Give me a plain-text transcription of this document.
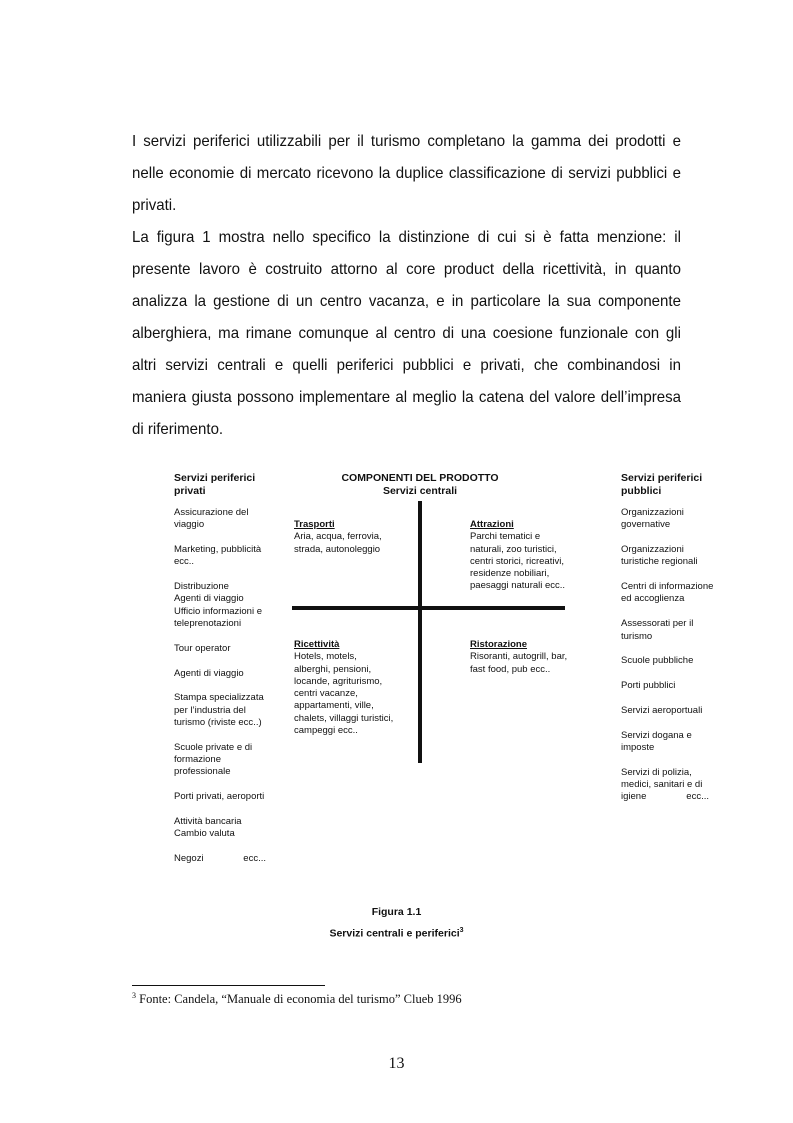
I servizi periferici utilizzabili per il turismo completano la gamma dei prodotti e nelle economie di mercato ricevono la duplice classificazione di servizi pubblici e privati.
La figura 1 mostra nello specifico la distinzione di cui si è fatta menzione: il presente lavoro è costruito attorno al core product della ricettività, in quanto analizza la gestione di un centro vacanza, e in particolare la sua componente alberghiera, ma rimane comunque al centro di una coesione funzionale con gli altri servizi centrali e quelli periferici pubblici e privati, che combinandosi in maniera giusta possono implementare al meglio la catena del valore dell’impresa di riferimento.
Servizi periferici
privati
Assicurazione del
viaggio
Marketing, pubblicità
ecc..
Distribuzione
Agenti di viaggio
Ufficio informazioni e
teleprenotazioni
Tour operator
Agenti di viaggio
Stampa specializzata
per l’industria del
turismo (riviste ecc..)
Scuole private e di
formazione
professionale
Porti privati, aeroporti
Attività bancaria
Cambio valuta
Negozi	ecc...
COMPONENTI DEL PRODOTTO
Servizi centrali
Trasporti
Aria, acqua, ferrovia,
strada, autonoleggio
Attrazioni
Parchi tematici e
naturali, zoo turistici,
centri storici, ricreativi,
residenze nobiliari,
paesaggi naturali ecc..
Ricettività
Hotels, motels,
alberghi, pensioni,
locande, agriturismo,
centri vacanze,
appartamenti, ville,
chalets, villaggi turistici,
campeggi ecc..
Ristorazione
Risoranti, autogrill, bar,
fast food, pub ecc..
Servizi periferici
pubblici
Organizzazioni
governative
Organizzazioni
turistiche regionali
Centri di informazione
ed accoglienza
Assessorati per il
turismo
Scuole pubbliche
Porti pubblici
Servizi aeroportuali
Servizi dogana e
imposte
Servizi di polizia,
medici, sanitari e di
igiene	ecc...
Figura 1.1
Servizi centrali e periferici$^3$
$^3$ Fonte: Candela, “Manuale di economia del turismo” Clueb 1996
13
